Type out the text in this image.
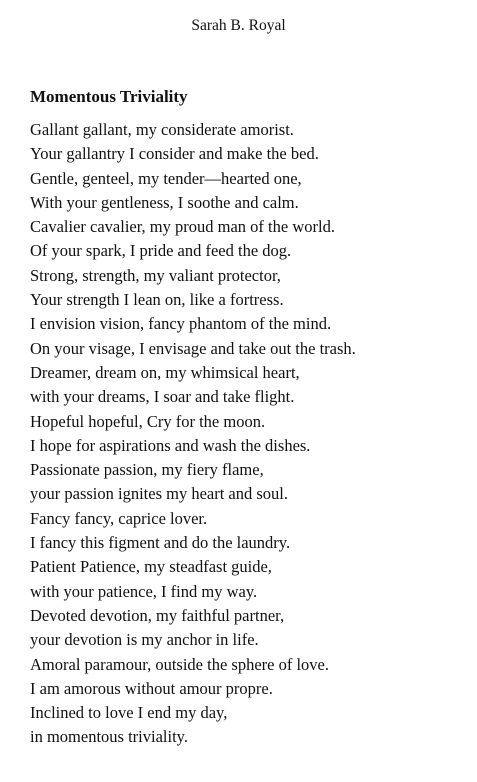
Sarah B. Royal
Momentous Triviality
Gallant gallant, my considerate amorist.
Your gallantry I consider and make the bed.
Gentle, genteel, my tender—hearted one,
With your gentleness, I soothe and calm.
Cavalier cavalier, my proud man of the world.
Of your spark, I pride and feed the dog.
Strong, strength, my valiant protector,
Your strength I lean on, like a fortress.
I envision vision, fancy phantom of the mind.
On your visage, I envisage and take out the trash.
Dreamer, dream on, my whimsical heart,
with your dreams, I soar and take flight.
Hopeful hopeful, Cry for the moon.
I hope for aspirations and wash the dishes.
Passionate passion, my fiery flame,
your passion ignites my heart and soul.
Fancy fancy, caprice lover.
I fancy this figment and do the laundry.
Patient Patience, my steadfast guide,
with your patience, I find my way.
Devoted devotion, my faithful partner,
your devotion is my anchor in life.
Amoral paramour, outside the sphere of love.
I am amorous without amour propre.
Inclined to love I end my day,
in momentous triviality.
